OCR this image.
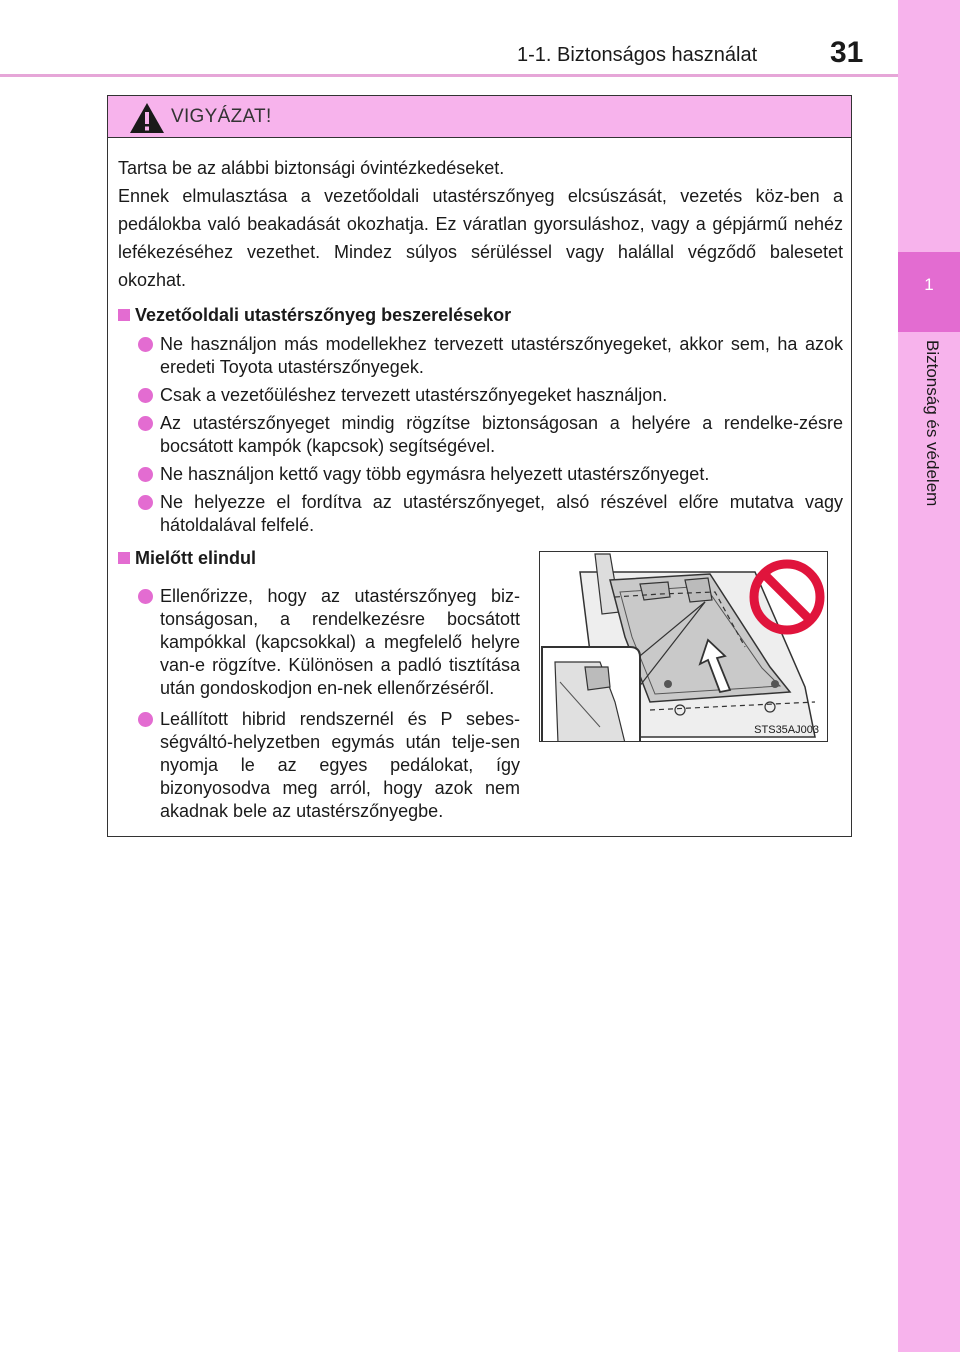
1-1. Biztonságos használat 31
1
Biztonság és védelem
VIGYÁZAT!

Tartsa be az alábbi biztonsági óvintézkedéseket.

Ennek elmulasztása a vezetőoldali utastérszőnyeg elcsúszását, vezetés köz-ben a pedálokba való beakadását okozhatja. Ez váratlan gyorsuláshoz, vagy a gépjármű nehéz lefékezéséhez vezethet. Mindez súlyos sérüléssel vagy halállal végződő balesetet okozhat.

Vezetőoldali utastérszőnyeg beszerelésekor
Ne használjon más modellekhez tervezett utastérszőnyegeket, akkor sem, ha azok eredeti Toyota utastérszőnyegek.
Csak a vezetőüléshez tervezett utastérszőnyegeket használjon.
Az utastérszőnyeget mindig rögzítse biztonságosan a helyére a rendelke-zésre bocsátott kampók (kapcsok) segítségével.
Ne használjon kettő vagy több egymásra helyezett utastérszőnyeget.
Ne helyezze el fordítva az utastérszőnyeget, alsó részével előre mutatva vagy hátoldalával felfelé.
Mielőtt elindul
Ellenőrizze, hogy az utastérszőnyeg biz-tonságosan, a rendelkezésre bocsátott kampókkal (kapcsokkal) a megfelelő helyre van-e rögzítve. Különösen a padló tisztítása után gondoskodjon en-nek ellenőrzéséről.
Leállított hibrid rendszernél és P sebes-ségváltó-helyzetben egymás után telje-sen nyomja le az egyes pedálokat, így bizonyosodva meg arról, hogy azok nem akadnak bele az utastérszőnyegbe.
STS35AJ003
